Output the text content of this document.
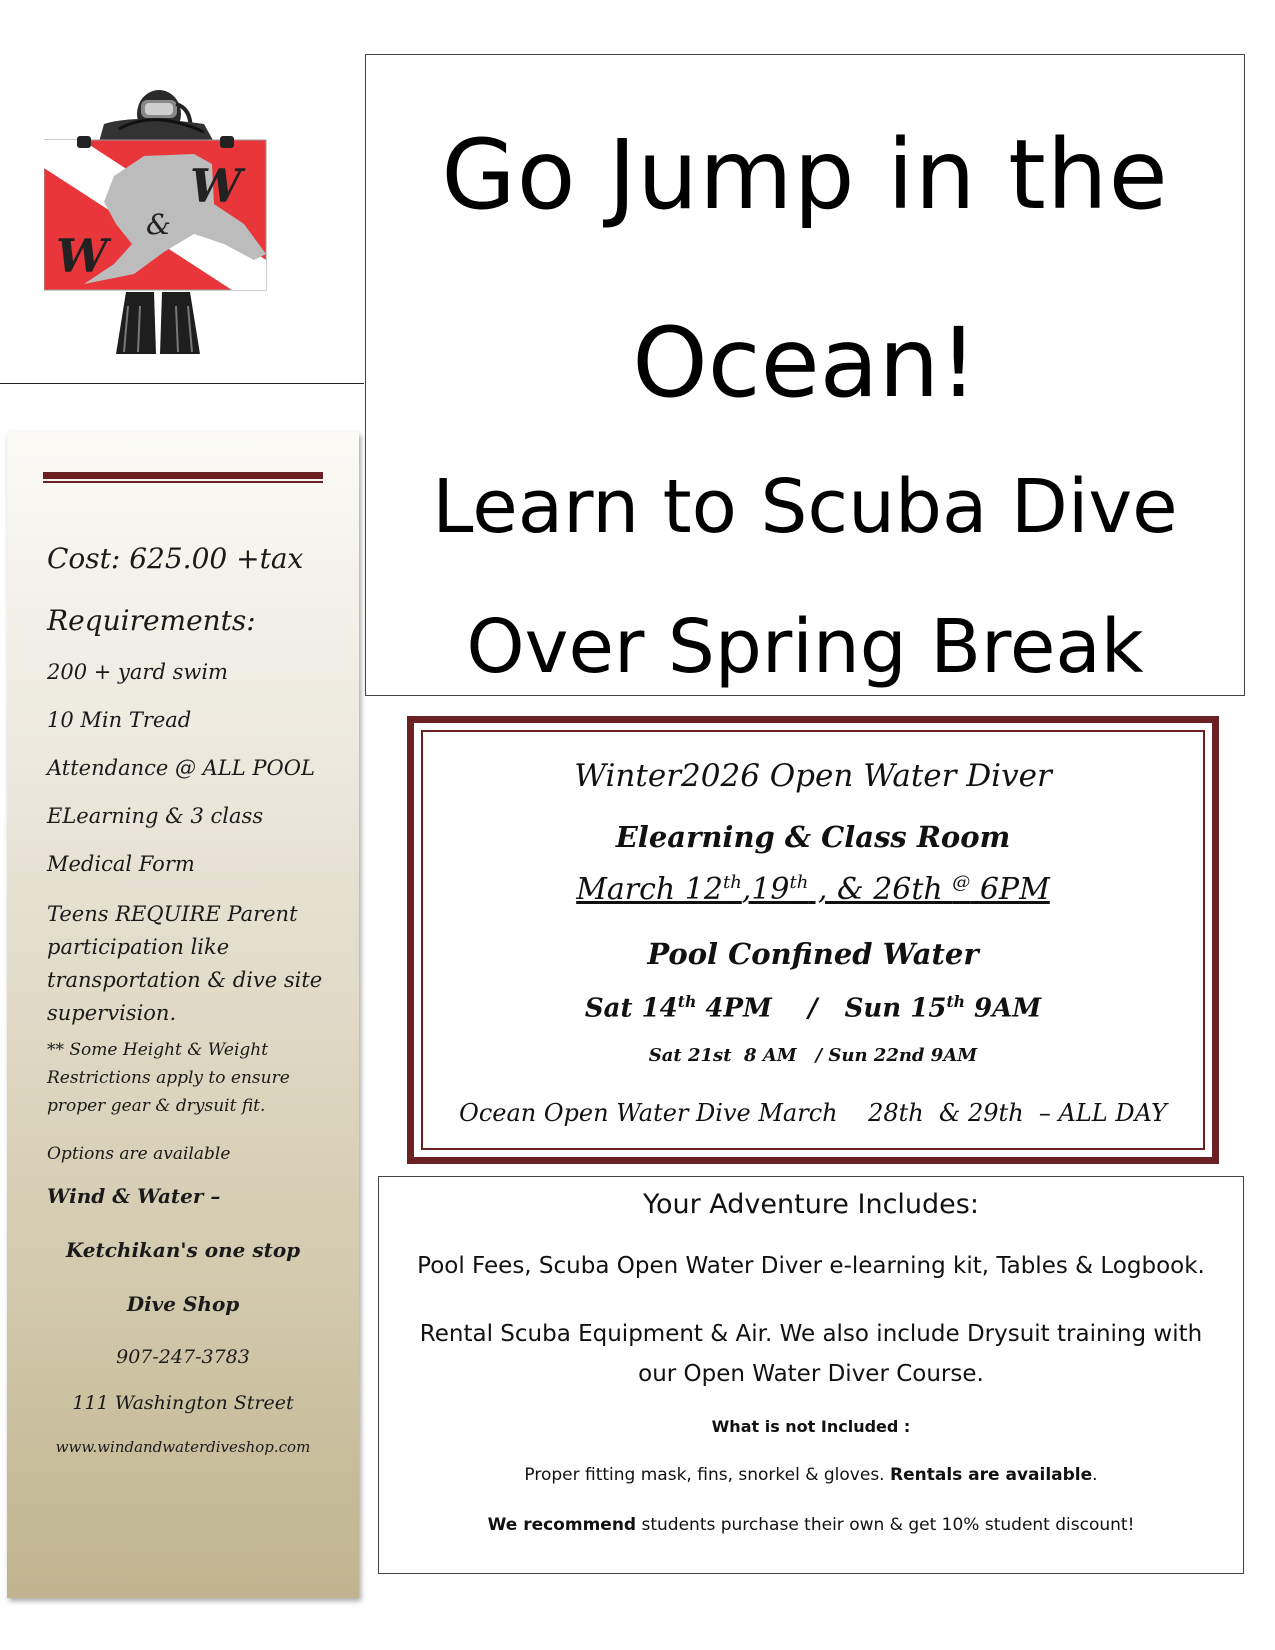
W
&
W
Go Jump in the
Ocean!
Learn to Scuba Dive
Over Spring Break
Cost: 625.00 +tax
Requirements:
200 + yard swim
10 Min Tread
Attendance @ ALL POOL
ELearning & 3 class
Medical Form
Teens REQUIRE Parent participation like transportation & dive site supervision.
** Some Height & Weight Restrictions apply to ensure proper gear & drysuit fit.
Options are available
Wind & Water –
Ketchikan's one stop
Dive Shop
907-247-3783
111 Washington Street
www.windandwaterdiveshop.com
Winter2026 Open Water Diver
Elearning & Class Room
March 12th,19th , & 26th @ 6PM
Pool Confined Water
Sat 14th 4PM    /   Sun 15th 9AM
Sat 21st  8 AM   / Sun 22nd 9AM
Ocean Open Water Dive March    28th  & 29th  – ALL DAY
Your Adventure Includes:
Pool Fees, Scuba Open Water Diver e-learning kit, Tables & Logbook.
Rental Scuba Equipment & Air. We also include Drysuit training with our Open Water Diver Course.
What is not Included :
Proper fitting mask, fins, snorkel & gloves. Rentals are available.
We recommend students purchase their own & get 10% student discount!
